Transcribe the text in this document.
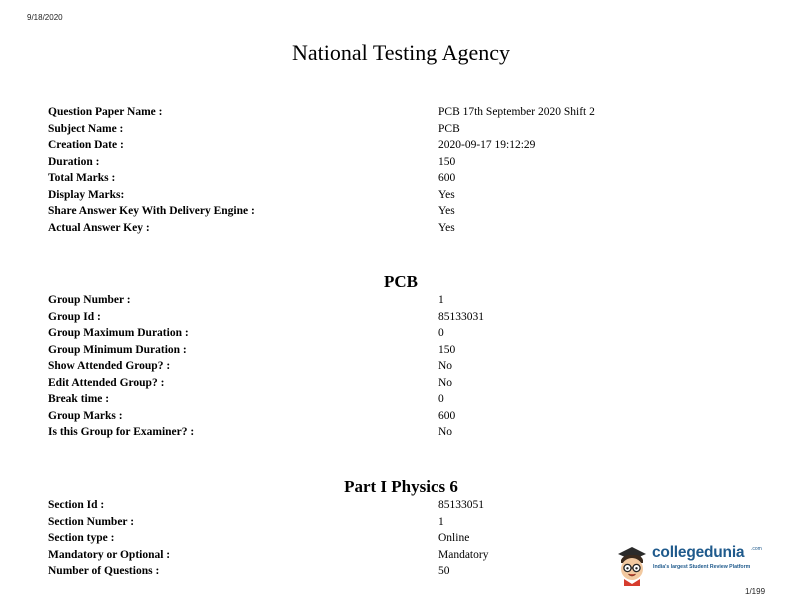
9/18/2020
National Testing Agency
Question Paper Name :	PCB 17th September 2020 Shift 2
Subject Name :	PCB
Creation Date :	2020-09-17 19:12:29
Duration :	150
Total Marks :	600
Display Marks:	Yes
Share Answer Key With Delivery Engine :	Yes
Actual Answer Key :	Yes
PCB
Group Number :	1
Group Id :	85133031
Group Maximum Duration :	0
Group Minimum Duration :	150
Show Attended Group? :	No
Edit Attended Group? :	No
Break time :	0
Group Marks :	600
Is this Group for Examiner? :	No
Part I Physics 6
Section Id :	85133051
Section Number :	1
Section type :	Online
Mandatory or Optional :	Mandatory
Number of Questions :	50
collegedunia .com
India's largest Student Review Platform
1/199
